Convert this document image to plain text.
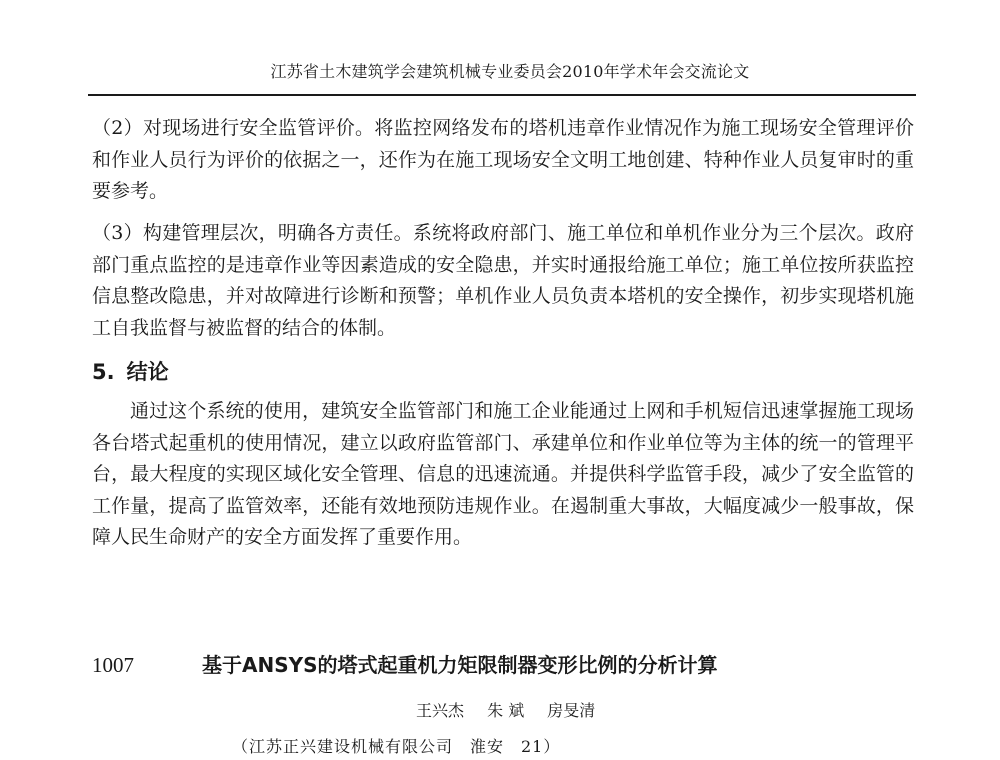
江苏省土木建筑学会建筑机械专业委员会2010年学术年会交流论文

（2）对现场进行安全监管评价。将监控网络发布的塔机违章作业情况作为施工现场安全管理评价和作业人员行为评价的依据之一，还作为在施工现场安全文明工地创建、特种作业人员复审时的重要参考。

（3）构建管理层次，明确各方责任。系统将政府部门、施工单位和单机作业分为三个层次。政府部门重点监控的是违章作业等因素造成的安全隐患，并实时通报给施工单位；施工单位按所获监控信息整改隐患，并对故障进行诊断和预警；单机作业人员负责本塔机的安全操作，初步实现塔机施工自我监督与被监督的结合的体制。

5. 结论

通过这个系统的使用，建筑安全监管部门和施工企业能通过上网和手机短信迅速掌握施工现场各台塔式起重机的使用情况，建立以政府监管部门、承建单位和作业单位等为主体的统一的管理平台，最大程度的实现区域化安全管理、信息的迅速流通。并提供科学监管手段，减少了安全监管的工作量，提高了监管效率，还能有效地预防违规作业。在遏制重大事故，大幅度减少一般事故，保障人民生命财产的安全方面发挥了重要作用。

1007	基于ANSYS的塔式起重机力矩限制器变形比例的分析计算
王兴杰 朱 斌 房旻清
（江苏正兴建设机械有限公司　淮安　21）
